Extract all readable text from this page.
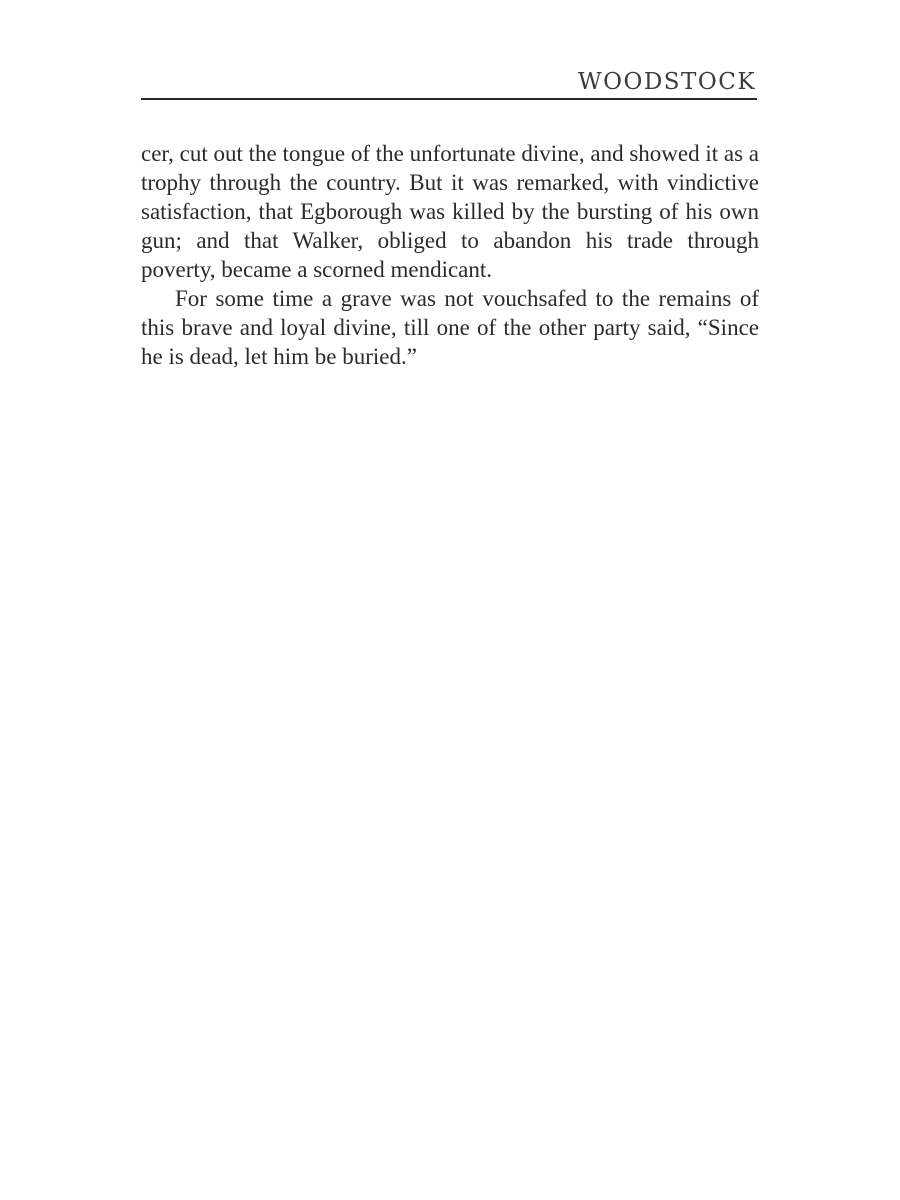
WOODSTOCK

cer, cut out the tongue of the unfortunate divine, and showed it as a trophy through the country. But it was remarked, with vindictive satisfaction, that Egborough was killed by the bursting of his own gun; and that Walker, obliged to abandon his trade through poverty, became a scorned mendicant.

For some time a grave was not vouchsafed to the remains of this brave and loyal divine, till one of the other party said, “Since he is dead, let him be buried.”
